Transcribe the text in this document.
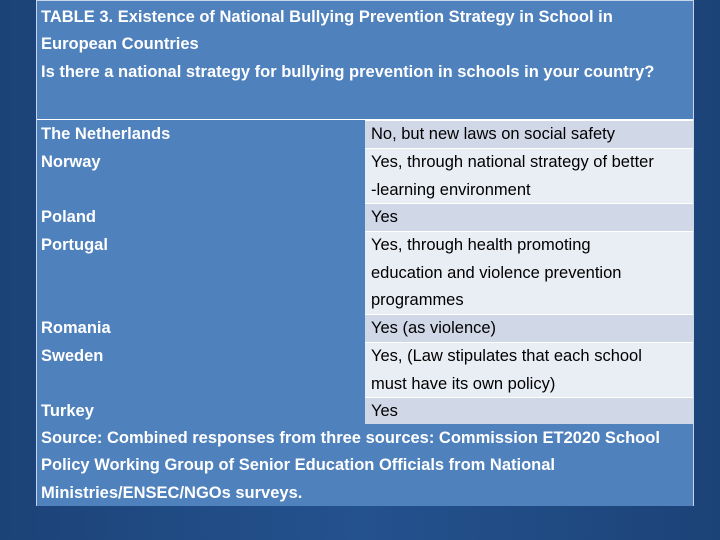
TABLE 3. Existence of National Bullying Prevention Strategy in School in
European Countries
Is there a national strategy for bullying prevention in schools in your country?
The Netherlands	No, but new laws on social safety
Norway	Yes, through national strategy of better
-learning environment
Poland	Yes
Portugal	Yes, through health promoting
education and violence prevention
programmes
Romania	Yes (as violence)
Sweden	Yes, (Law stipulates that each school
must have its own policy)
Turkey	Yes
Source: Combined responses from three sources: Commission ET2020 School
Policy Working Group of Senior Education Officials from National
Ministries/ENSEC/NGOs surveys.
